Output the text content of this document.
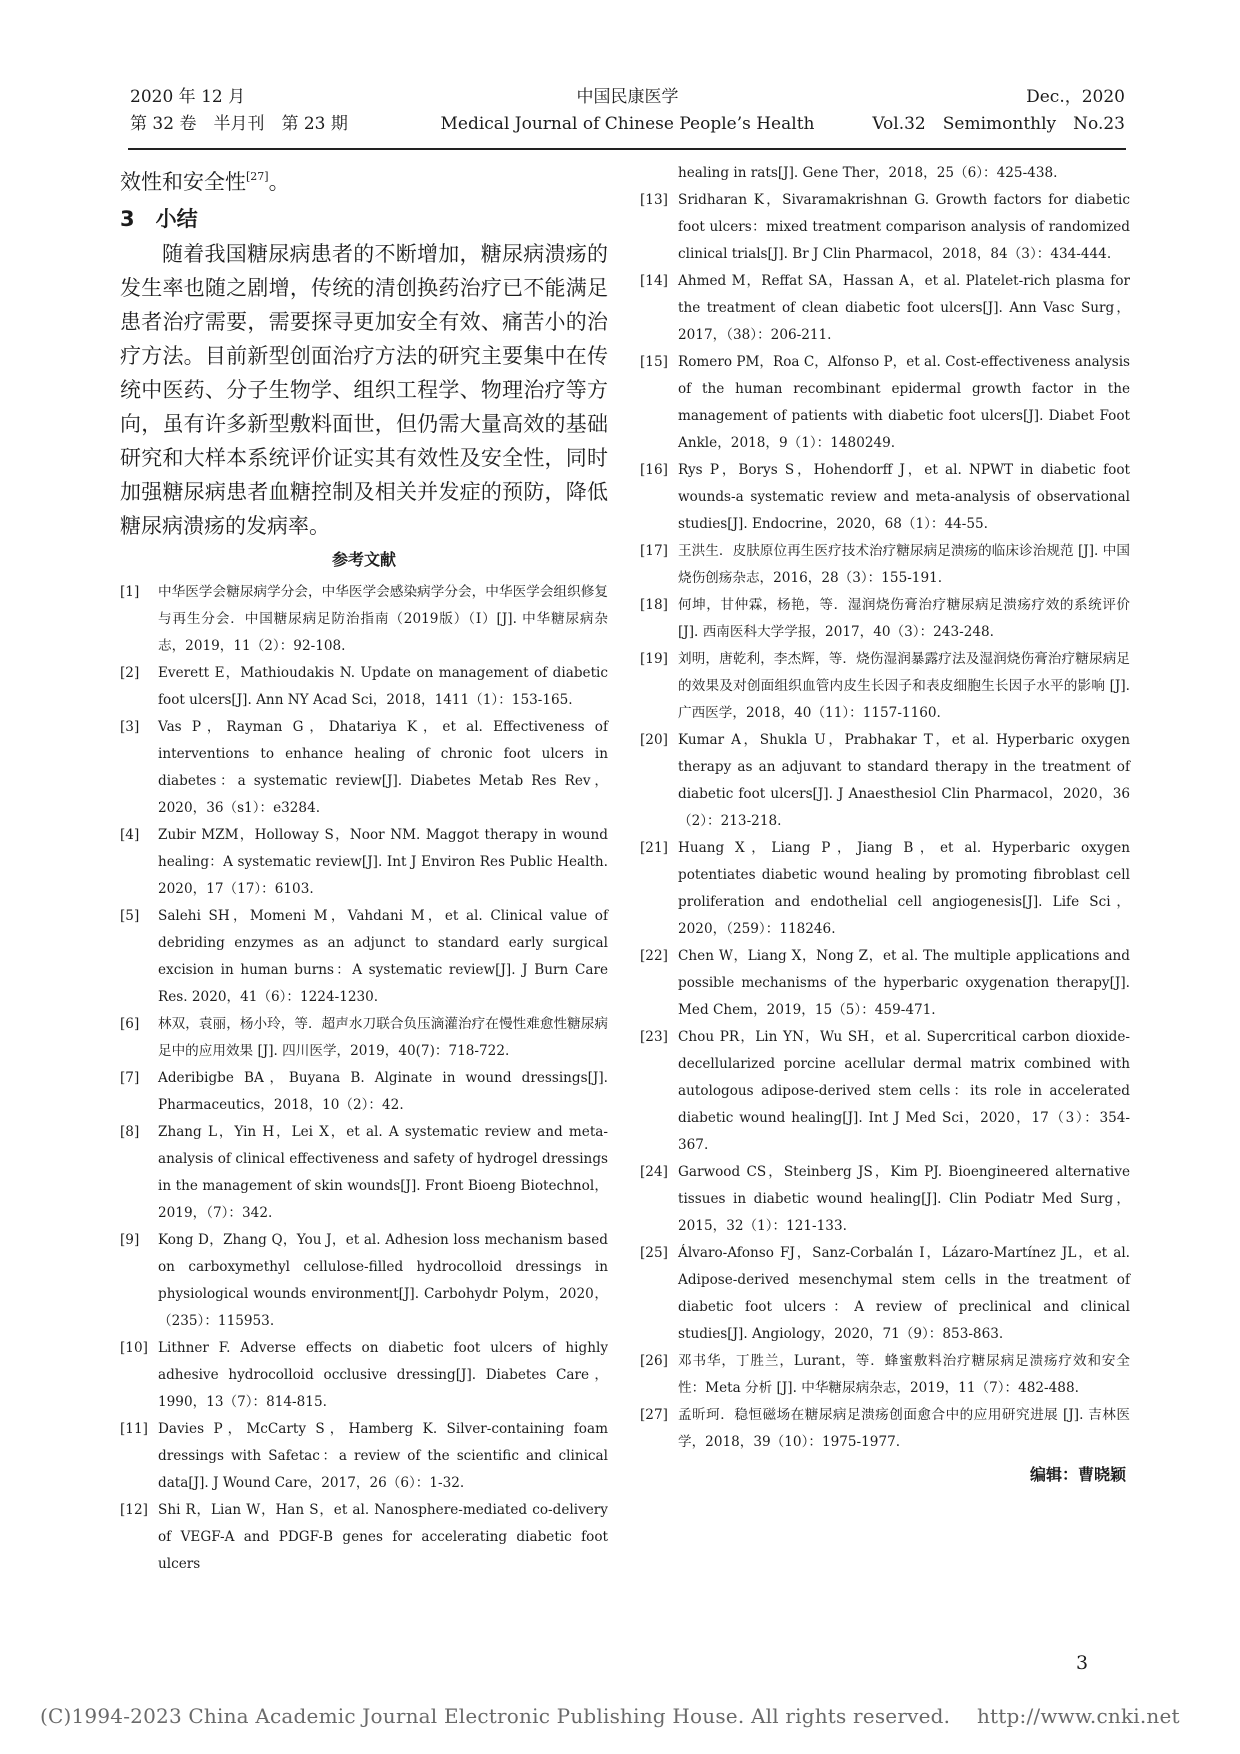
2020 年 12 月
第 32 卷　半月刊　第 23 期
中国民康医学
Medical Journal of Chinese People’s Health
Dec.，2020
Vol.32　Semimonthly　No.23

效性和安全性[27]。

3　小结

随着我国糖尿病患者的不断增加，糖尿病溃疡的发生率也随之剧增，传统的清创换药治疗已不能满足患者治疗需要，需要探寻更加安全有效、痛苦小的治疗方法。目前新型创面治疗方法的研究主要集中在传统中医药、分子生物学、组织工程学、物理治疗等方向，虽有许多新型敷料面世，但仍需大量高效的基础研究和大样本系统评价证实其有效性及安全性，同时加强糖尿病患者血糖控制及相关并发症的预防，降低糖尿病溃疡的发病率。

参考文献
[1]	中华医学会糖尿病学分会，中华医学会感染病学分会，中华医学会组织修复与再生分会．中国糖尿病足防治指南（2019版）（Ⅰ）[J]. 中华糖尿病杂志，2019，11（2）：92-108.
[2]	Everett E，Mathioudakis N. Update on management of diabetic foot ulcers[J]. Ann NY Acad Sci，2018，1411（1）：153-165.
[3]	Vas P，Rayman G，Dhatariya K，et al. Effectiveness of interventions to enhance healing of chronic foot ulcers in diabetes：a systematic review[J]. Diabetes Metab Res Rev，2020，36（s1）：e3284.
[4]	Zubir MZM，Holloway S，Noor NM. Maggot therapy in wound healing：A systematic review[J]. Int J Environ Res Public Health. 2020，17（17）：6103.
[5]	Salehi SH，Momeni M，Vahdani M，et al. Clinical value of debriding enzymes as an adjunct to standard early surgical excision in human burns：A systematic review[J]. J Burn Care Res. 2020，41（6）：1224-1230.
[6]	林双，袁丽，杨小玲，等．超声水刀联合负压滴灌治疗在慢性难愈性糖尿病足中的应用效果 [J]. 四川医学，2019，40(7)：718-722.
[7]	Aderibigbe BA，Buyana B. Alginate in wound dressings[J]. Pharmaceutics，2018，10（2）：42.
[8]	Zhang L，Yin H，Lei X，et al. A systematic review and meta-analysis of clinical effectiveness and safety of hydrogel dressings in the management of skin wounds[J]. Front Bioeng Biotechnol，2019，（7）：342.
[9]	Kong D，Zhang Q，You J，et al. Adhesion loss mechanism based on carboxymethyl cellulose-filled hydrocolloid dressings in physiological wounds environment[J]. Carbohydr Polym，2020，（235）：115953.
[10] Lithner F. Adverse effects on diabetic foot ulcers of highly adhesive hydrocolloid occlusive dressing[J]. Diabetes Care，1990，13（7）：814-815.
[11] Davies P，McCarty S，Hamberg K. Silver-containing foam dressings with Safetac：a review of the scientific and clinical data[J]. J Wound Care，2017，26（6）：1-32.
[12] Shi R，Lian W，Han S，et al. Nanosphere-mediated co-delivery of VEGF-A and PDGF-B genes for accelerating diabetic foot ulcers
healing in rats[J]. Gene Ther，2018，25（6）：425-438.
[13] Sridharan K，Sivaramakrishnan G. Growth factors for diabetic foot ulcers：mixed treatment comparison analysis of randomized clinical trials[J]. Br J Clin Pharmacol，2018，84（3）：434-444.
[14] Ahmed M，Reffat SA，Hassan A，et al. Platelet-rich plasma for the treatment of clean diabetic foot ulcers[J]. Ann Vasc Surg，2017，（38）：206-211.
[15] Romero PM，Roa C，Alfonso P，et al. Cost-effectiveness analysis of the human recombinant epidermal growth factor in the management of patients with diabetic foot ulcers[J]. Diabet Foot Ankle，2018，9（1）：1480249.
[16] Rys P，Borys S，Hohendorff J，et al. NPWT in diabetic foot wounds-a systematic review and meta-analysis of observational studies[J]. Endocrine，2020，68（1）：44-55.
[17] 王洪生．皮肤原位再生医疗技术治疗糖尿病足溃疡的临床诊治规范 [J]. 中国烧伤创疡杂志，2016，28（3）：155-191.
[18] 何坤，甘仲霖，杨艳，等．湿润烧伤膏治疗糖尿病足溃疡疗效的系统评价 [J]. 西南医科大学学报，2017，40（3）：243-248.
[19] 刘明，唐乾利，李杰辉，等．烧伤湿润暴露疗法及湿润烧伤膏治疗糖尿病足的效果及对创面组织血管内皮生长因子和表皮细胞生长因子水平的影响 [J]. 广西医学，2018，40（11）：1157-1160.
[20] Kumar A，Shukla U，Prabhakar T，et al. Hyperbaric oxygen therapy as an adjuvant to standard therapy in the treatment of diabetic foot ulcers[J]. J Anaesthesiol Clin Pharmacol，2020，36（2）：213-218.
[21] Huang X，Liang P，Jiang B，et al. Hyperbaric oxygen potentiates diabetic wound healing by promoting fibroblast cell proliferation and endothelial cell angiogenesis[J]. Life Sci，2020，（259）：118246.
[22] Chen W，Liang X，Nong Z，et al. The multiple applications and possible mechanisms of the hyperbaric oxygenation therapy[J]. Med Chem，2019，15（5）：459-471.
[23] Chou PR，Lin YN，Wu SH，et al. Supercritical carbon dioxide-decellularized porcine acellular dermal matrix combined with autologous adipose-derived stem cells：its role in accelerated diabetic wound healing[J]. Int J Med Sci，2020，17（3）：354-367.
[24] Garwood CS，Steinberg JS，Kim PJ. Bioengineered alternative tissues in diabetic wound healing[J]. Clin Podiatr Med Surg，2015，32（1）：121-133.
[25] Álvaro-Afonso FJ，Sanz-Corbalán I，Lázaro-Martínez JL，et al. Adipose-derived mesenchymal stem cells in the treatment of diabetic foot ulcers：A review of preclinical and clinical studies[J]. Angiology，2020，71（9）：853-863.
[26] 邓书华，丁胜兰，Lurant，等．蜂蜜敷料治疗糖尿病足溃疡疗效和安全性：Meta 分析 [J]. 中华糖尿病杂志，2019，11（7）：482-488.
[27] 孟昕珂．稳恒磁场在糖尿病足溃疡创面愈合中的应用研究进展 [J]. 吉林医学，2018，39（10）：1975-1977.
编辑：曹晓颖
3
(C)1994-2023 China Academic Journal Electronic Publishing House. All rights reserved.　 http://www.cnki.net
